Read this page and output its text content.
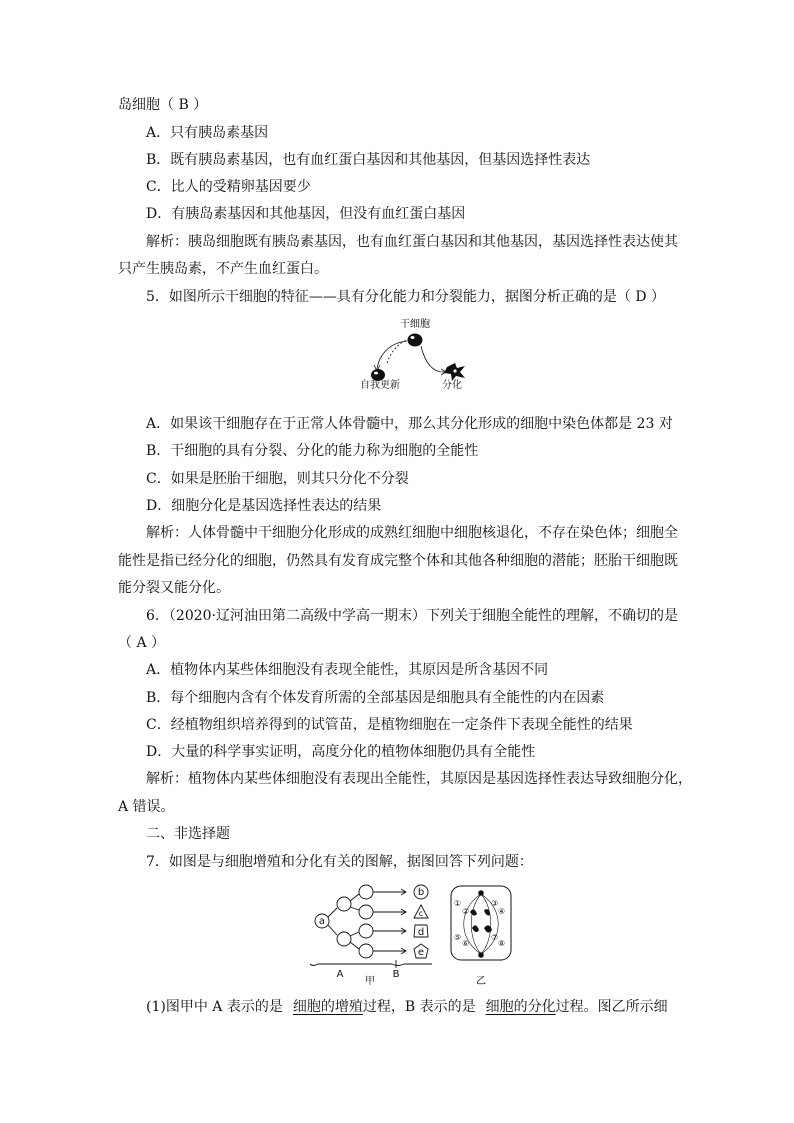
岛细胞（ B ）
A．只有胰岛素基因
B．既有胰岛素基因，也有血红蛋白基因和其他基因，但基因选择性表达
C．比人的受精卵基因要少
D．有胰岛素基因和其他基因，但没有血红蛋白基因
解析：胰岛细胞既有胰岛素基因，也有血红蛋白基因和其他基因，基因选择性表达使其
只产生胰岛素，不产生血红蛋白。
5．如图所示干细胞的特征——具有分化能力和分裂能力，据图分析正确的是（ D ）
干细胞
自我更新	分化
A．如果该干细胞存在于正常人体骨髓中，那么其分化形成的细胞中染色体都是 23 对
B．干细胞的具有分裂、分化的能力称为细胞的全能性
C．如果是胚胎干细胞，则其只分化不分裂
D．细胞分化是基因选择性表达的结果
解析：人体骨髓中干细胞分化形成的成熟红细胞中细胞核退化，不存在染色体；细胞全
能性是指已经分化的细胞，仍然具有发育成完整个体和其他各种细胞的潜能；胚胎干细胞既
能分裂又能分化。
6．（2020·辽河油田第二高级中学高一期末）下列关于细胞全能性的理解，不确切的是
（ A ）
A．植物体内某些体细胞没有表现全能性，其原因是所含基因不同
B．每个细胞内含有个体发育所需的全部基因是细胞具有全能性的内在因素
C．经植物组织培养得到的试管苗，是植物细胞在一定条件下表现全能性的结果
D．大量的科学事实证明，高度分化的植物体细胞仍具有全能性
解析：植物体内某些体细胞没有表现出全能性，其原因是基因选择性表达导致细胞分化，
A 错误。
二、非选择题
7．如图是与细胞增殖和分化有关的图解，据图回答下列问题：
a
b
c
d
e
A	B
甲
①
②
③
④
⑤
⑥
⑦
⑧
乙
(1)图甲中 A 表示的是 细胞的增殖过程，B 表示的是 细胞的分化过程。图乙所示细
